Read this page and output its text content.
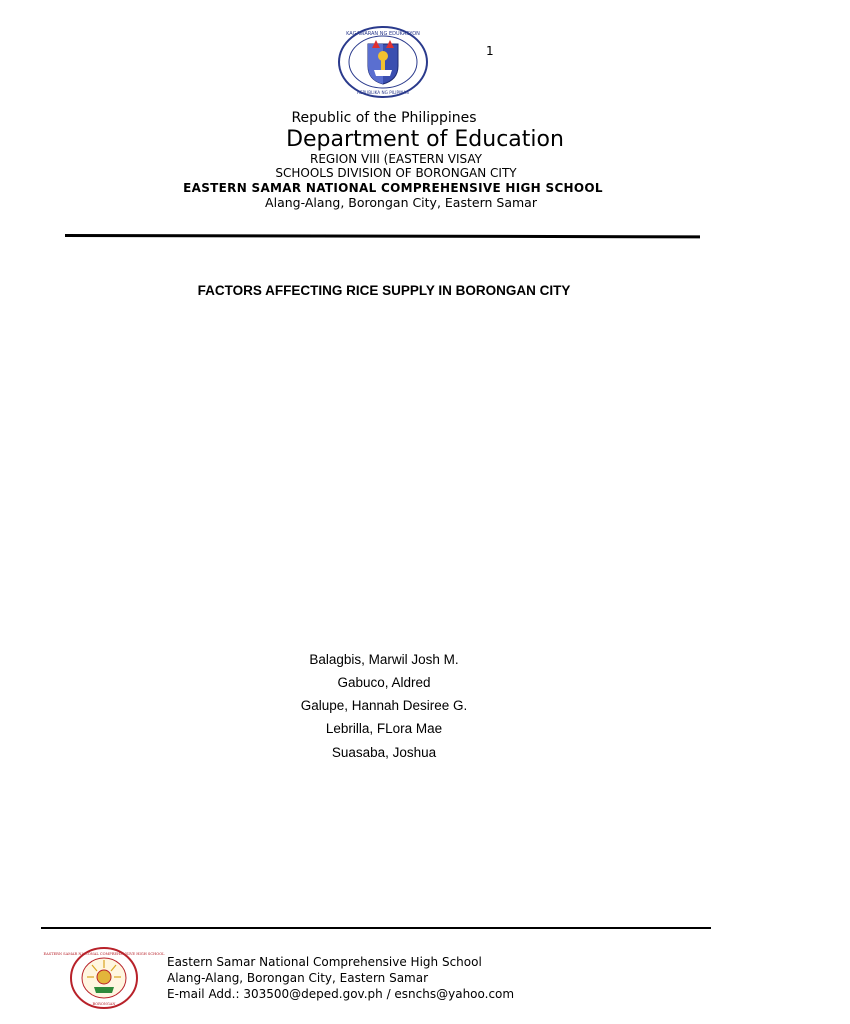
KAGAWARAN NG EDUKASYON
REPUBLIKA NG PILIPINAS
1
Republic of the Philippines
Department of Education
REGION VIII (EASTERN VISAY
SCHOOLS DIVISION OF BORONGAN CITY
EASTERN SAMAR NATIONAL COMPREHENSIVE HIGH SCHOOL
Alang-Alang, Borongan City, Eastern Samar
FACTORS AFFECTING RICE SUPPLY IN BORONGAN CITY
Balagbis, Marwil Josh M.
Gabuco, Aldred
Galupe, Hannah Desiree G.
Lebrilla, FLora Mae
Suasaba, Joshua
EASTERN SAMAR NATIONAL COMPREHENSIVE HIGH SCHOOL
BORONGAN
Eastern Samar National Comprehensive High School
Alang-Alang, Borongan City, Eastern Samar
E-mail Add.: 303500@deped.gov.ph / esnchs@yahoo.com
